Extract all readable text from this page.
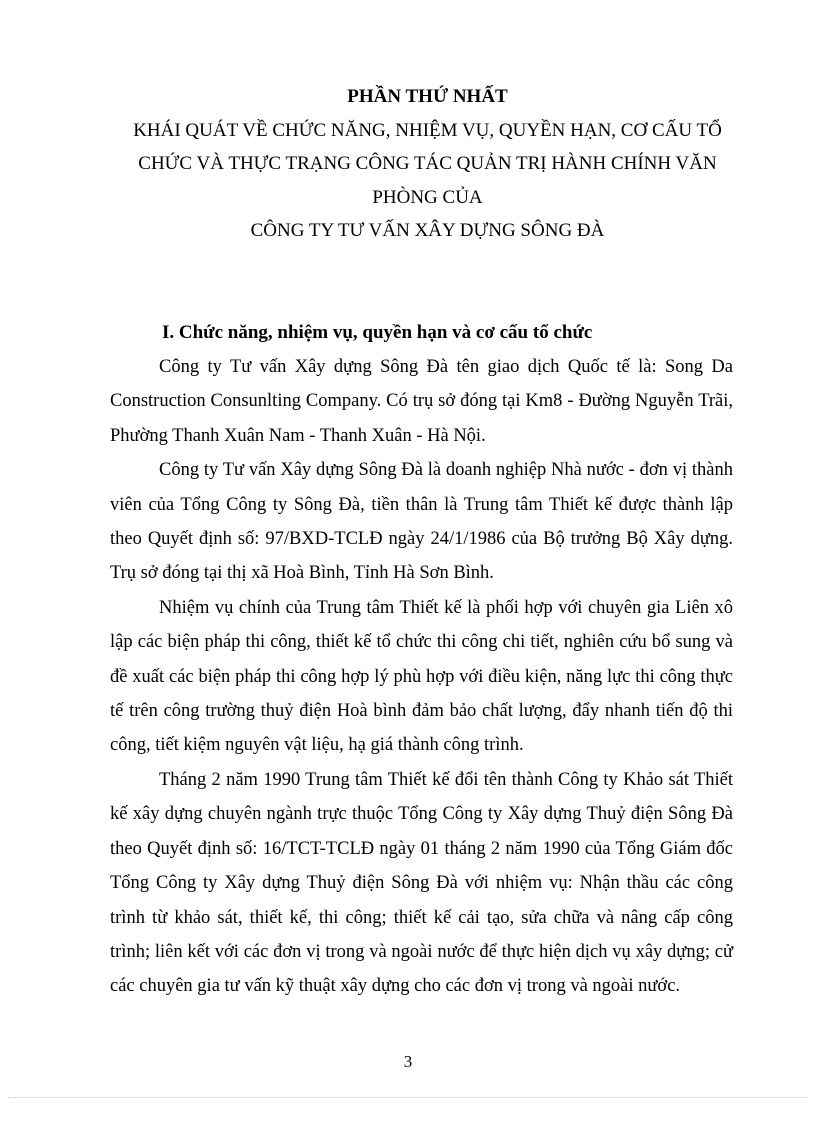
PHẦN THỨ NHẤT
KHÁI QUÁT VỀ CHỨC NĂNG, NHIỆM VỤ, QUYỀN HẠN, CƠ CẤU TỔ
CHỨC VÀ THỰC TRẠNG CÔNG TÁC QUẢN TRỊ HÀNH CHÍNH VĂN
PHÒNG CỦA
CÔNG TY TƯ VẤN XÂY DỰNG SÔNG ĐÀ
I. Chức năng, nhiệm vụ, quyền hạn và cơ cấu tổ chức

Công ty Tư vấn Xây dựng Sông Đà tên giao dịch Quốc tế là: Song Da Construction Consunlting Company. Có trụ sở đóng tại Km8 - Đường Nguyễn Trãi, Phường Thanh Xuân Nam - Thanh Xuân - Hà Nội.

Công ty Tư vấn Xây dựng Sông Đà là doanh nghiệp Nhà nước - đơn vị thành viên của Tổng Công ty Sông Đà, tiền thân là Trung tâm Thiết kế được thành lập theo Quyết định số: 97/BXD-TCLĐ ngày 24/1/1986 của Bộ trưởng Bộ Xây dựng. Trụ sở đóng tại thị xã Hoà Bình, Tỉnh Hà Sơn Bình.

Nhiệm vụ chính của Trung tâm Thiết kế là phối hợp với chuyên gia Liên xô lập các biện pháp thi công, thiết kế tổ chức thi công chi tiết, nghiên cứu bổ sung và đề xuất các biện pháp thi công hợp lý phù hợp với điều kiện, năng lực thi công thực tế trên công trường thuỷ điện Hoà bình đảm bảo chất lượng, đẩy nhanh tiến độ thi công, tiết kiệm nguyên vật liệu, hạ giá thành công trình.

Tháng 2 năm 1990 Trung tâm Thiết kế đổi tên thành Công ty Khảo sát Thiết kế xây dựng chuyên ngành trực thuộc Tổng Công ty Xây dựng Thuỷ điện Sông Đà theo Quyết định số: 16/TCT-TCLĐ ngày 01 tháng 2 năm 1990 của Tổng Giám đốc Tổng Công ty Xây dựng Thuỷ điện Sông Đà với nhiệm vụ: Nhận thầu các công trình từ khảo sát, thiết kế, thi công; thiết kế cải tạo, sửa chữa và nâng cấp công trình; liên kết với các đơn vị trong và ngoài nước để thực hiện dịch vụ xây dựng; cử các chuyên gia tư vấn kỹ thuật xây dựng cho các đơn vị trong và ngoài nước.

3
